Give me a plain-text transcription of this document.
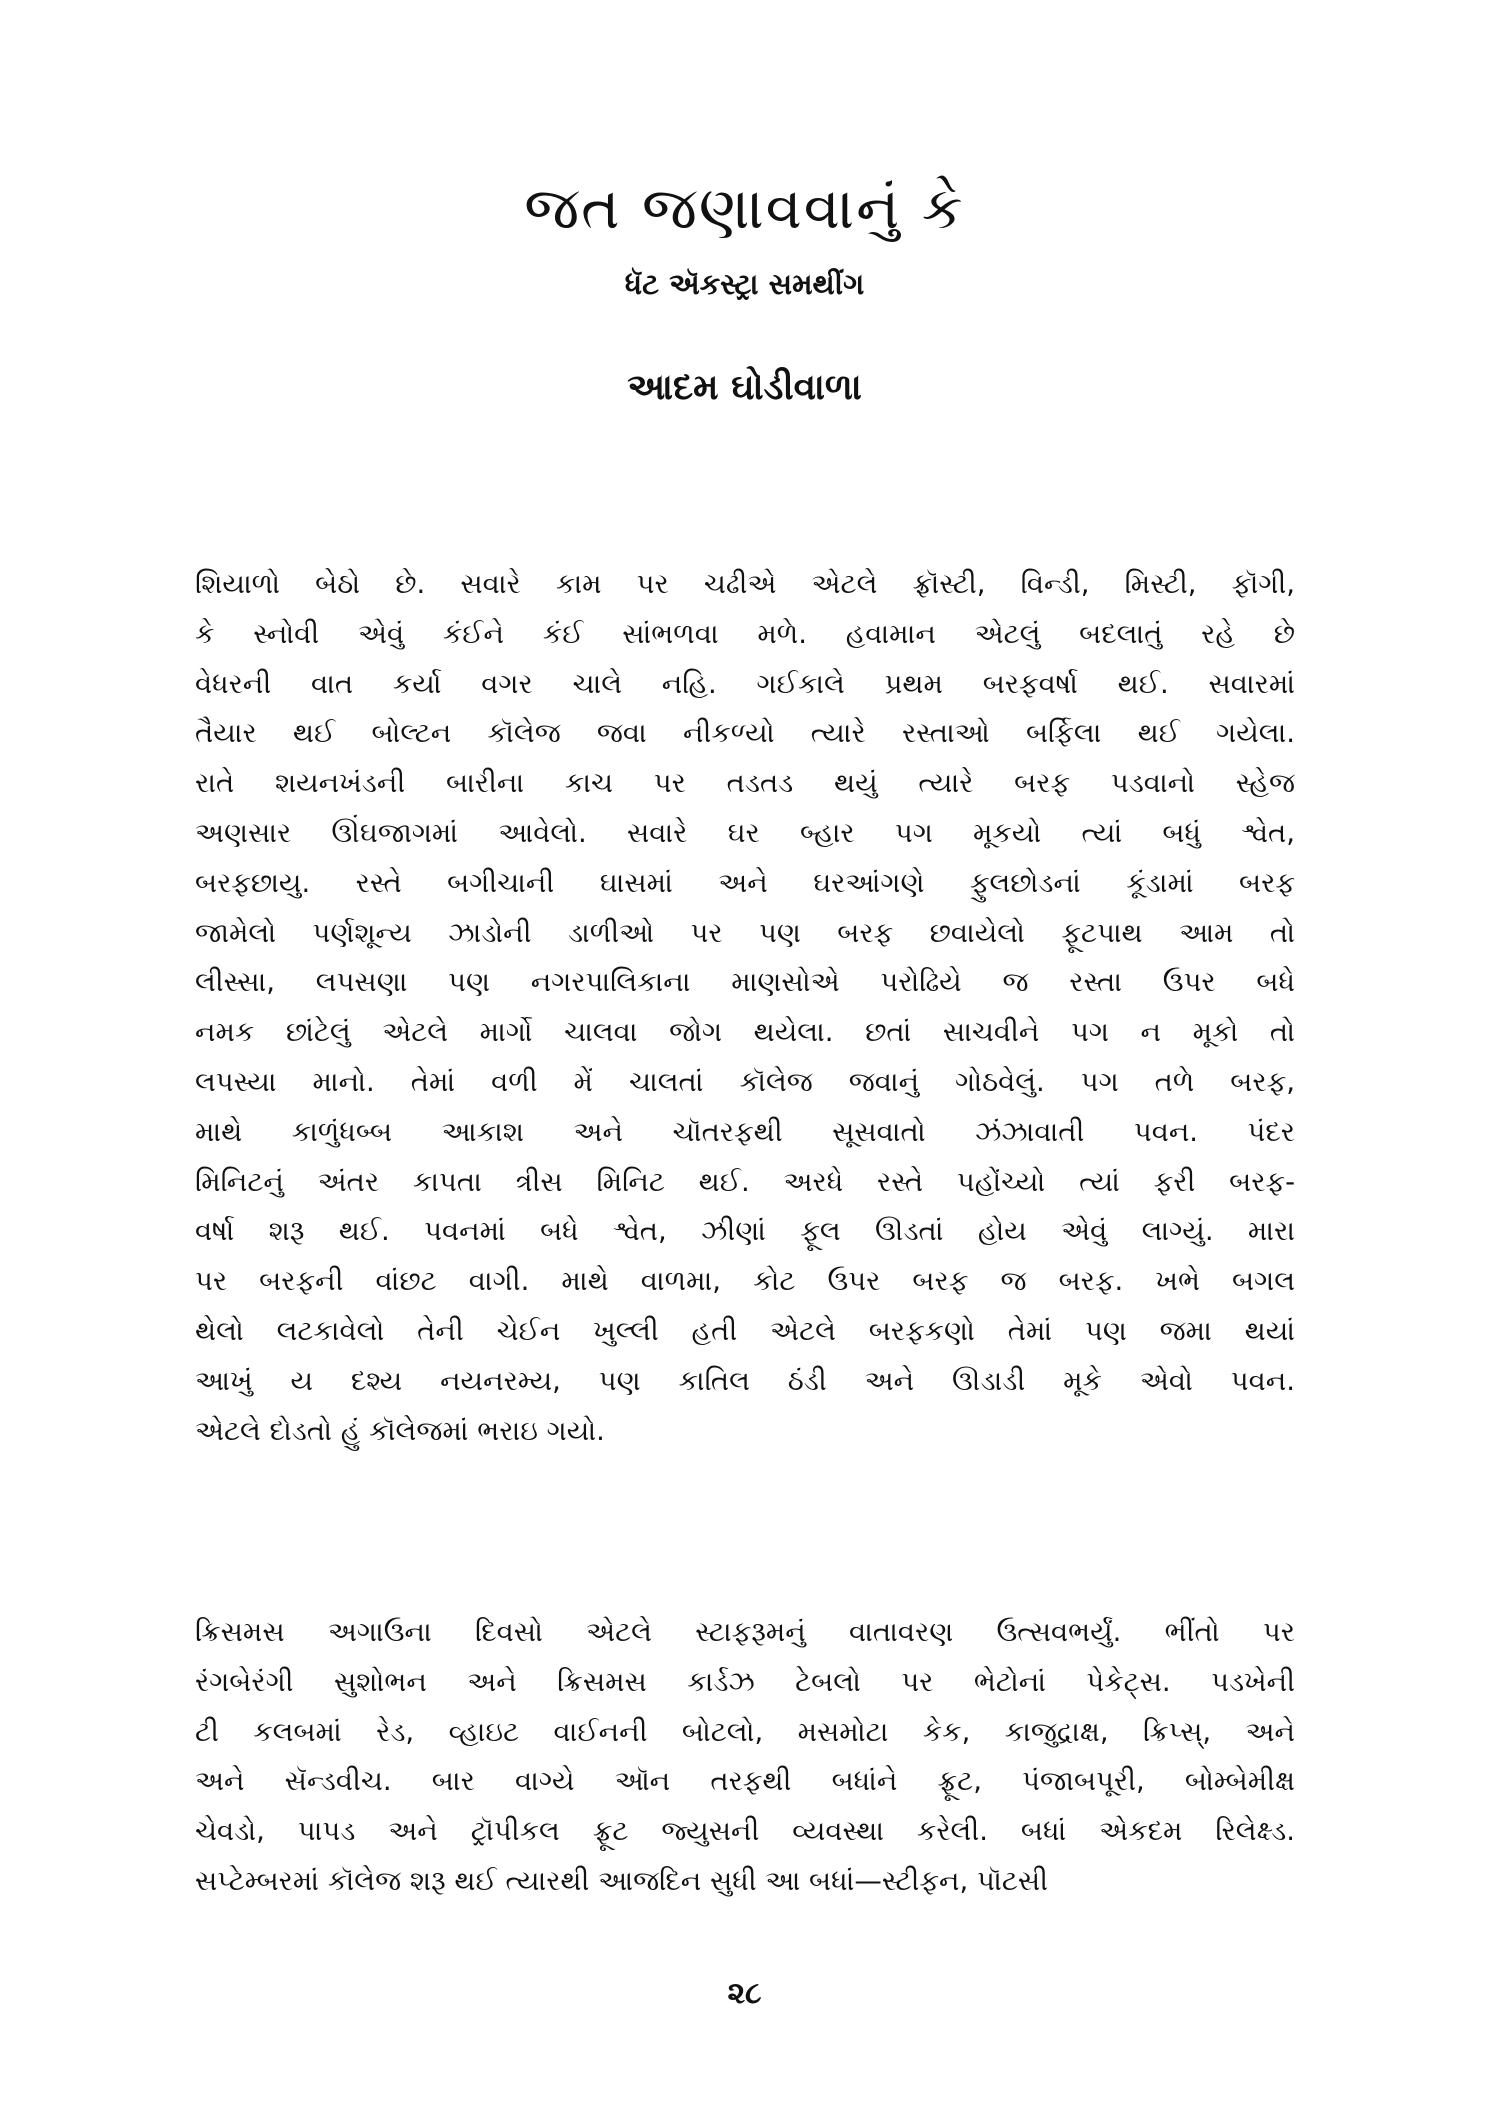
જત જણાવવાનું કે
ધૅટ ઍકસ્ટ્રા સમથીંગ
આદમ ઘોડીવાળા
શિયાળો બેઠો છે. સવારે કામ પર ચઢીએ એટલે ફ્રૉસ્ટી, વિન્ડી, મિસ્ટી, ફૉગી,
કે સ્નોવી એવું કંઈને કંઈ સાંભળવા મળે. હવામાન એટલું બદલાતું રહે છે
વેધરની વાત કર્યા વગર ચાલે નહિ. ગઈકાલે પ્રથમ બરફવર્ષા થઈ. સવારમાં
તૈયાર થઈ બોલ્ટન કૉલેજ જવા નીકળ્યો ત્યારે રસ્તાઓ બર્ફિલા થઈ ગયેલા.
રાતે શયનખંડની બારીના કાચ પર તડતડ થયું ત્યારે બરફ પડવાનો સ્હેજ
અણસાર ઊંઘજાગમાં આવેલો. સવારે ઘર બ્હાર પગ મૂકયો ત્યાં બધું શ્વેત,
બરફછાયુ. રસ્તે બગીચાની ઘાસમાં અને ઘરઆંગણે ફુલછોડનાં કૂંડામાં બરફ
જામેલો પર્ણશૂન્ય ઝાડોની ડાળીઓ પર પણ બરફ છવાયેલો ફૂટપાથ આમ તો
લીસ્સા, લપસણા પણ નગરપાલિકાના માણસોએ પરોઢિયે જ રસ્તા ઉપર બધે
નમક છાંટેલું એટલે માર્ગો ચાલવા જોગ થયેલા. છતાં સાચવીને પગ ન મૂકો તો
લપસ્યા માનો. તેમાં વળી મેં ચાલતાં કૉલેજ જવાનું ગોઠવેલું. પગ તળે બરફ,
માથે કાળુંધબ્બ આકાશ અને ચૉતરફથી સૂસવાતો ઝંઝાવાતી પવન. પંદર
મિનિટનું અંતર કાપતા ત્રીસ મિનિટ થઈ. અરધે રસ્તે પહોંચ્યો ત્યાં ફરી બરફ-
વર્ષા શરૂ થઈ. પવનમાં બધે શ્વેત, ઝીણાં ફૂલ ઊડતાં હોય એવું લાગ્યું. મારા
પર બરફની વાંછટ વાગી. માથે વાળમા, કોટ ઉપર બરફ જ બરફ. ખભે બગલ
થેલો લટકાવેલો તેની ચેઈન ખુલ્લી હતી એટલે બરફકણો તેમાં પણ જમા થયાં
આખું ય દશ્ય નયનરમ્ય, પણ કાતિલ ઠંડી અને ઊડાડી મૂકે એવો પવન.
એટલે દોડતો હું કૉલેજમાં ભરાઇ ગયો.
ક્રિસમસ અગાઉના દિવસો એટલે સ્ટાફરૂમનું વાતાવરણ ઉત્સવભર્યું. ભીંતો પર
રંગબેરંગી સુશોભન અને ક્રિસમસ કાર્ડઝ ટેબલો પર ભેટોનાં પેકેટ્સ. પડખેની
ટી કલબમાં રેડ, વ્હાઇટ વાઈનની બોટલો, મસમોટા કેક, કાજુદ્રાક્ષ, ક્રિપ્સ્, અને
અને સૅન્ડવીચ. બાર વાગ્યે ઑન તરફથી બધાંને ફ્રૂટ, પંજાબપૂરી, બોમ્બેમીક્ષ
ચેવડો, પાપડ અને ટ્રૉપીકલ ફ્રૂટ જ્યુસની વ્યવસ્થા કરેલી. બધાં એકદમ રિલેક્ષ્ડ.
સપ્ટેમ્બરમાં કૉલેજ શરૂ થઈ ત્યારથી આજદિન સુધી આ બધાં—સ્ટીફન, પૉટસી
૨૮
